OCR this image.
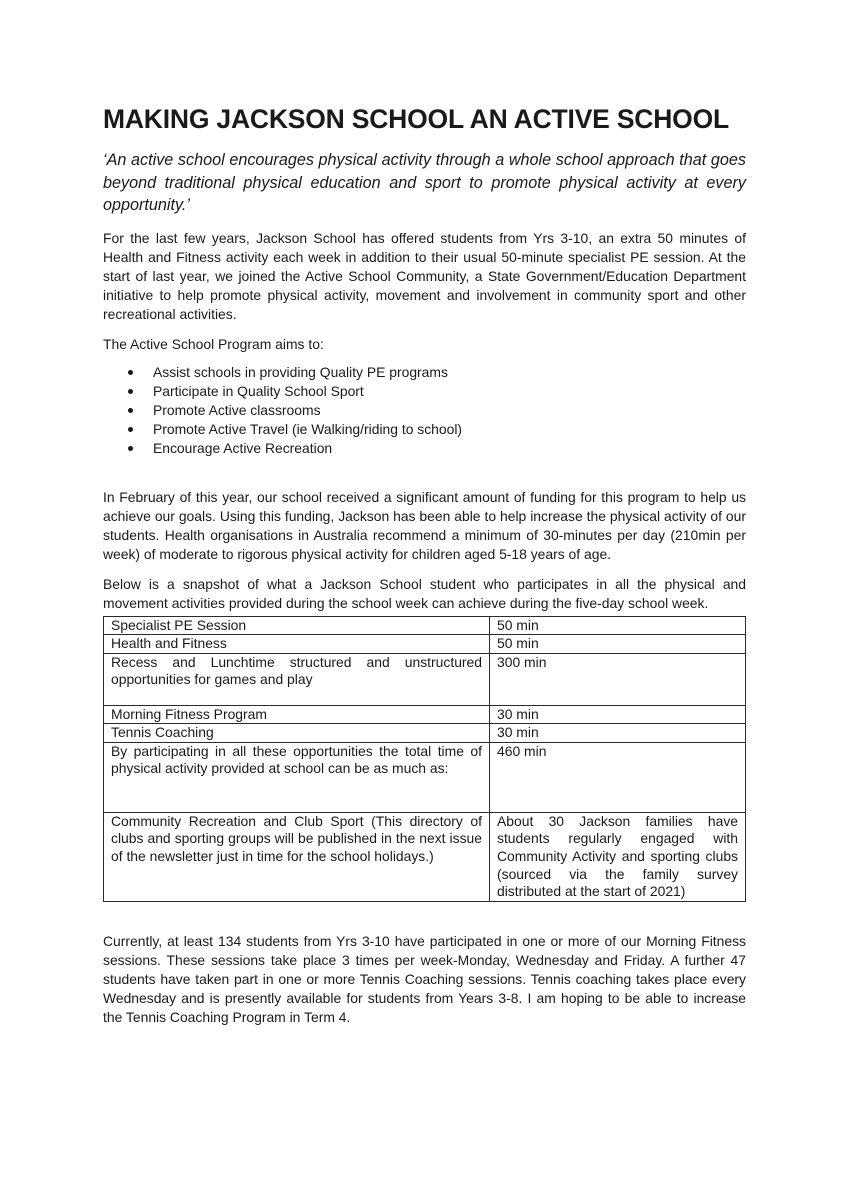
MAKING JACKSON SCHOOL AN ACTIVE SCHOOL

‘An active school encourages physical activity through a whole school approach that goes beyond traditional physical education and sport to promote physical activity at every opportunity.’

For the last few years, Jackson School has offered students from Yrs 3-10, an extra 50 minutes of Health and Fitness activity each week in addition to their usual 50-minute specialist PE session. At the start of last year, we joined the Active School Community, a State Government/Education Department initiative to help promote physical activity, movement and involvement in community sport and other recreational activities.

The Active School Program aims to:

Assist schools in providing Quality PE programs
Participate in Quality School Sport
Promote Active classrooms
Promote Active Travel (ie Walking/riding to school)
Encourage Active Recreation

In February of this year, our school received a significant amount of funding for this program to help us achieve our goals. Using this funding, Jackson has been able to help increase the physical activity of our students. Health organisations in Australia recommend a minimum of 30-minutes per day (210min per week) of moderate to rigorous physical activity for children aged 5-18 years of age.

Below is a snapshot of what a Jackson School student who participates in all the physical and movement activities provided during the school week can achieve during the five-day school week.

Specialist PE Session	50 min
Health and Fitness	50 min
Recess and Lunchtime structured and unstructured opportunities for games and play	300 min
Morning Fitness Program	30 min
Tennis Coaching	30 min
By participating in all these opportunities the total time of physical activity provided at school can be as much as:	460 min
Community Recreation and Club Sport (This directory of clubs and sporting groups will be published in the next issue of the newsletter just in time for the school holidays.)	About 30 Jackson families have students regularly engaged with Community Activity and sporting clubs (sourced via the family survey distributed at the start of 2021)

Currently, at least 134 students from Yrs 3-10 have participated in one or more of our Morning Fitness sessions. These sessions take place 3 times per week-Monday, Wednesday and Friday. A further 47 students have taken part in one or more Tennis Coaching sessions. Tennis coaching takes place every Wednesday and is presently available for students from Years 3-8. I am hoping to be able to increase the Tennis Coaching Program in Term 4.
